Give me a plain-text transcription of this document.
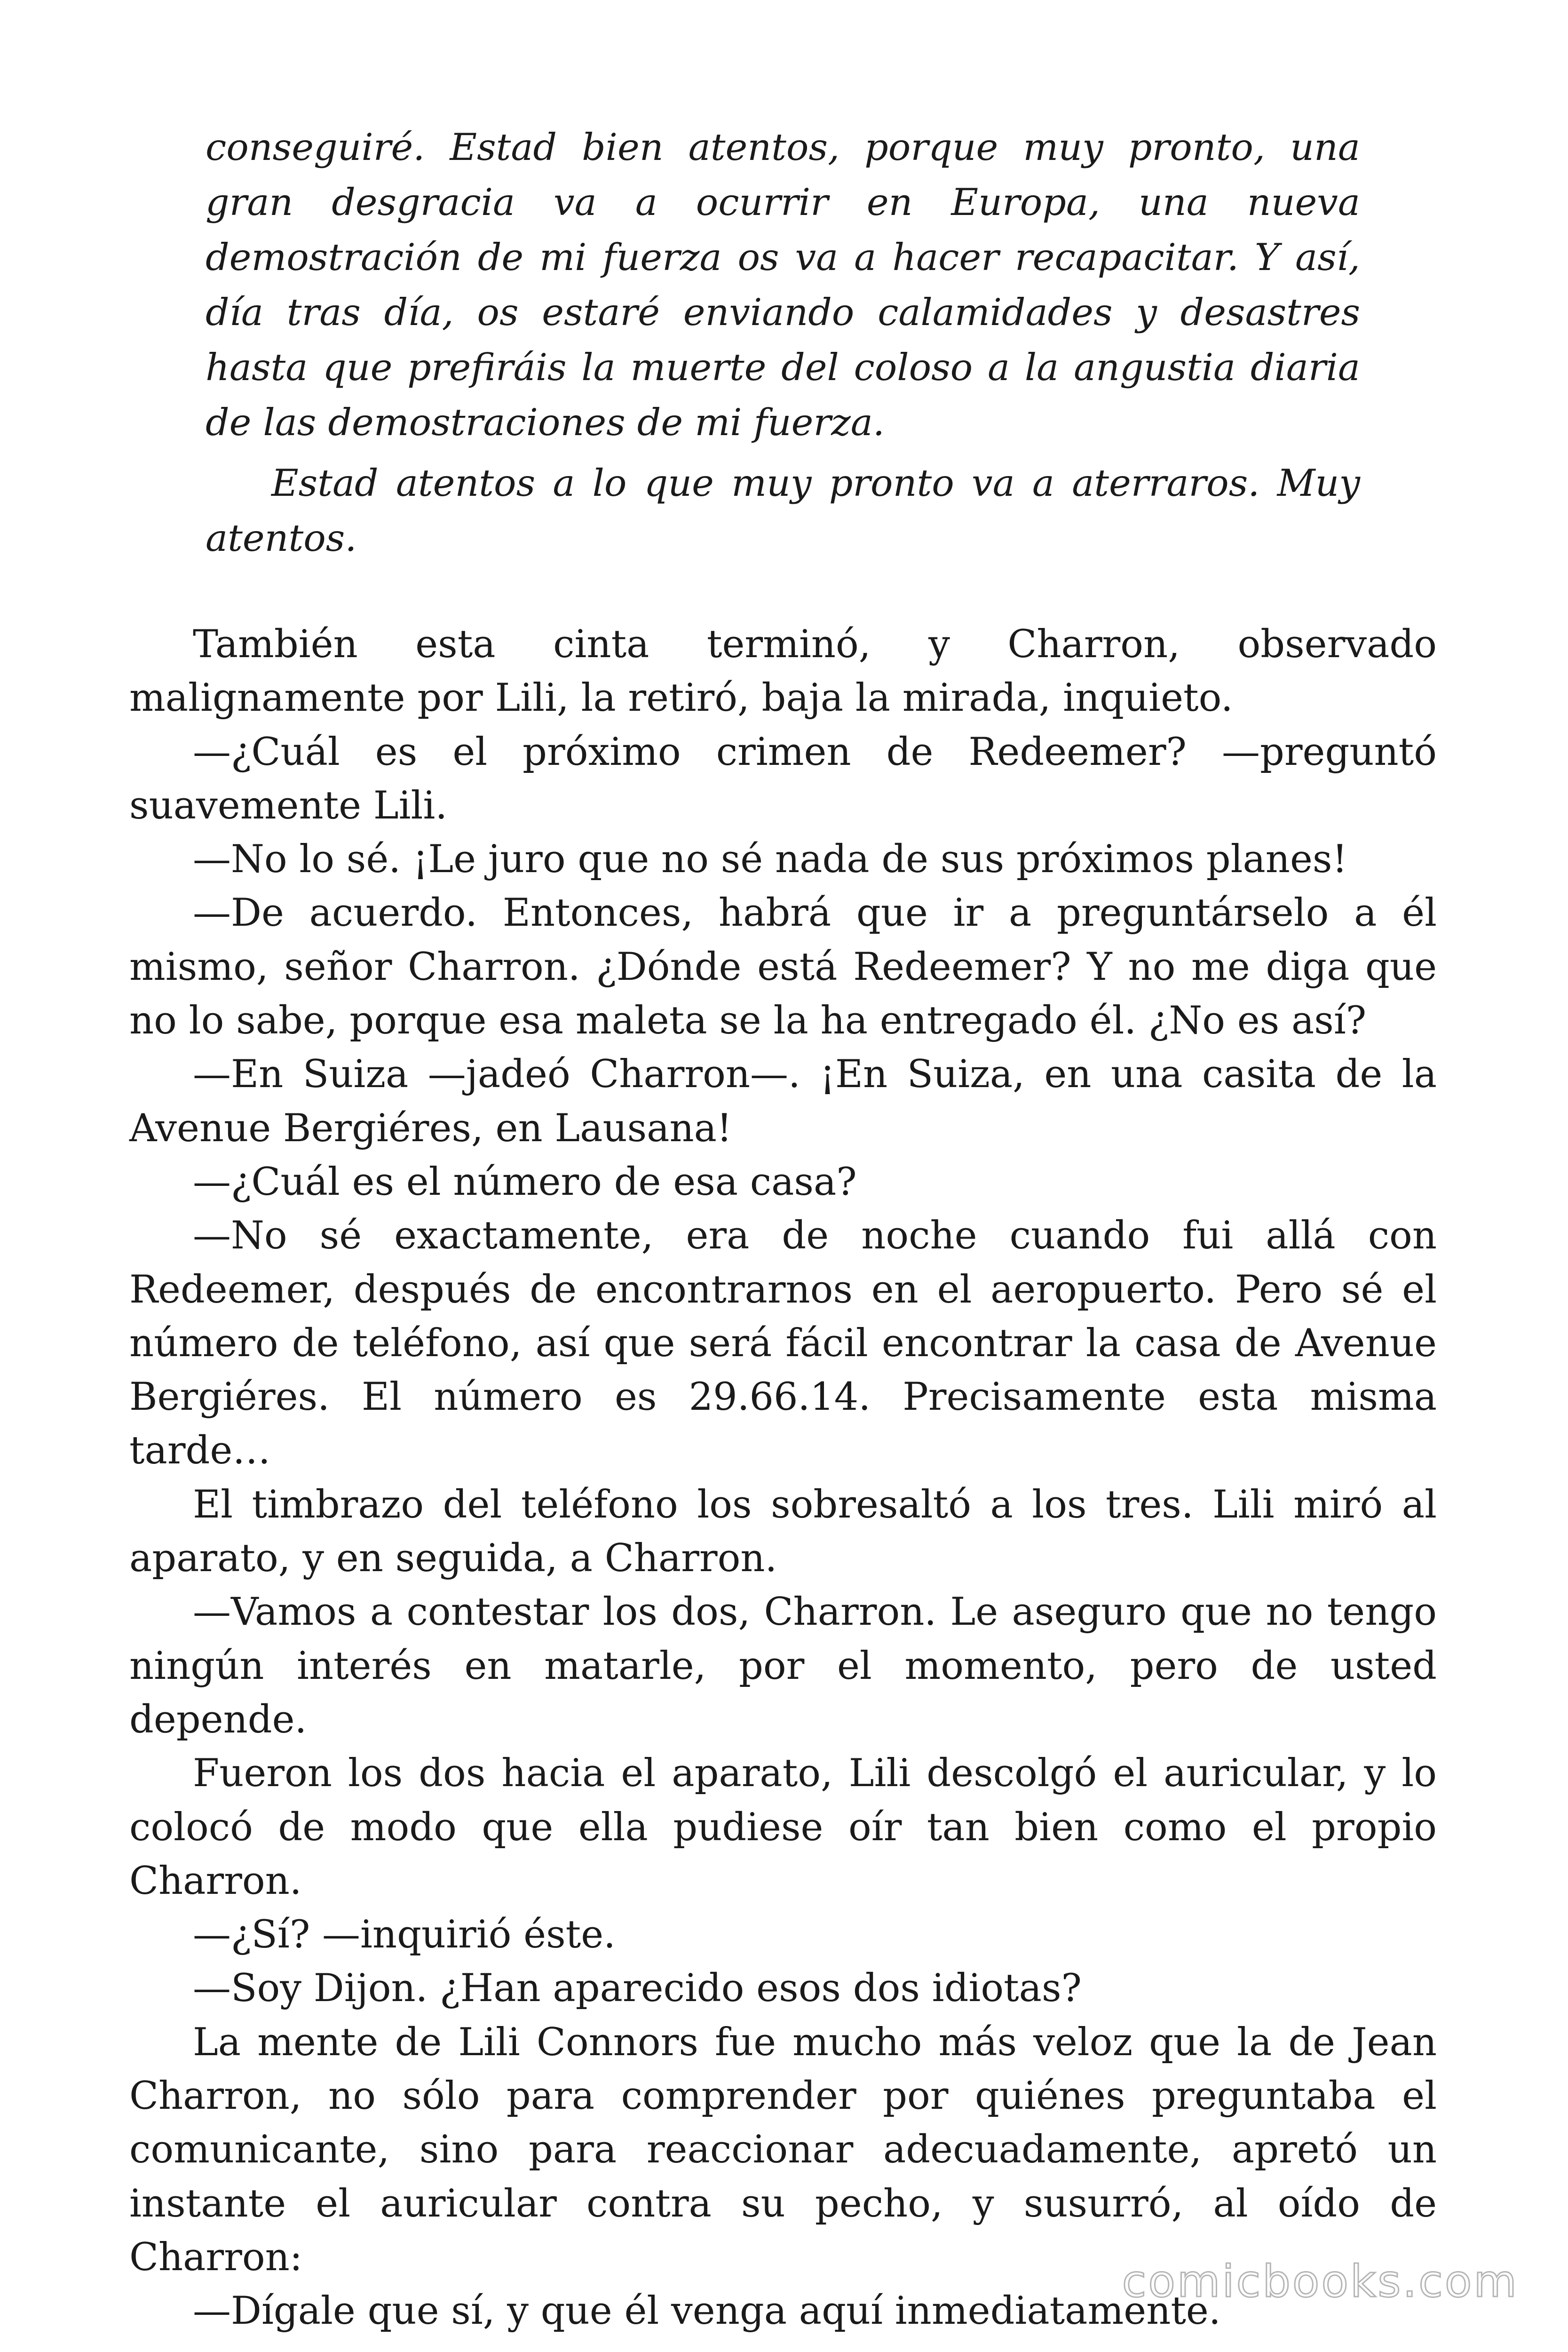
conseguiré. Estad bien atentos, porque muy pronto, una gran desgracia va a ocurrir en Europa, una nueva demostración de mi fuerza os va a hacer recapacitar. Y así, día tras día, os estaré enviando calamidades y desastres hasta que prefiráis la muerte del coloso a la angustia diaria de las demostraciones de mi fuerza.

Estad atentos a lo que muy pronto va a aterraros. Muy atentos.

También esta cinta terminó, y Charron, observado malignamente por Lili, la retiró, baja la mirada, inquieto.

—¿Cuál es el próximo crimen de Redeemer? —preguntó suavemente Lili.

—No lo sé. ¡Le juro que no sé nada de sus próximos planes!

—De acuerdo. Entonces, habrá que ir a preguntárselo a él mismo, señor Charron. ¿Dónde está Redeemer? Y no me diga que no lo sabe, porque esa maleta se la ha entregado él. ¿No es así?

—En Suiza —jadeó Charron—. ¡En Suiza, en una casita de la Avenue Bergiéres, en Lausana!

—¿Cuál es el número de esa casa?

—No sé exactamente, era de noche cuando fui allá con Redeemer, después de encontrarnos en el aeropuerto. Pero sé el número de teléfono, así que será fácil encontrar la casa de Avenue Bergiéres. El número es 29.66.14. Precisamente esta misma tarde…

El timbrazo del teléfono los sobresaltó a los tres. Lili miró al aparato, y en seguida, a Charron.

—Vamos a contestar los dos, Charron. Le aseguro que no tengo ningún interés en matarle, por el momento, pero de usted depende.

Fueron los dos hacia el aparato, Lili descolgó el auricular, y lo colocó de modo que ella pudiese oír tan bien como el propio Charron.

—¿Sí? —inquirió éste.

—Soy Dijon. ¿Han aparecido esos dos idiotas?

La mente de Lili Connors fue mucho más veloz que la de Jean Charron, no sólo para comprender por quiénes preguntaba el comunicante, sino para reaccionar adecuadamente, apretó un instante el auricular contra su pecho, y susurró, al oído de Charron:

—Dígale que sí, y que él venga aquí inmediatamente.

comicbooks.com
